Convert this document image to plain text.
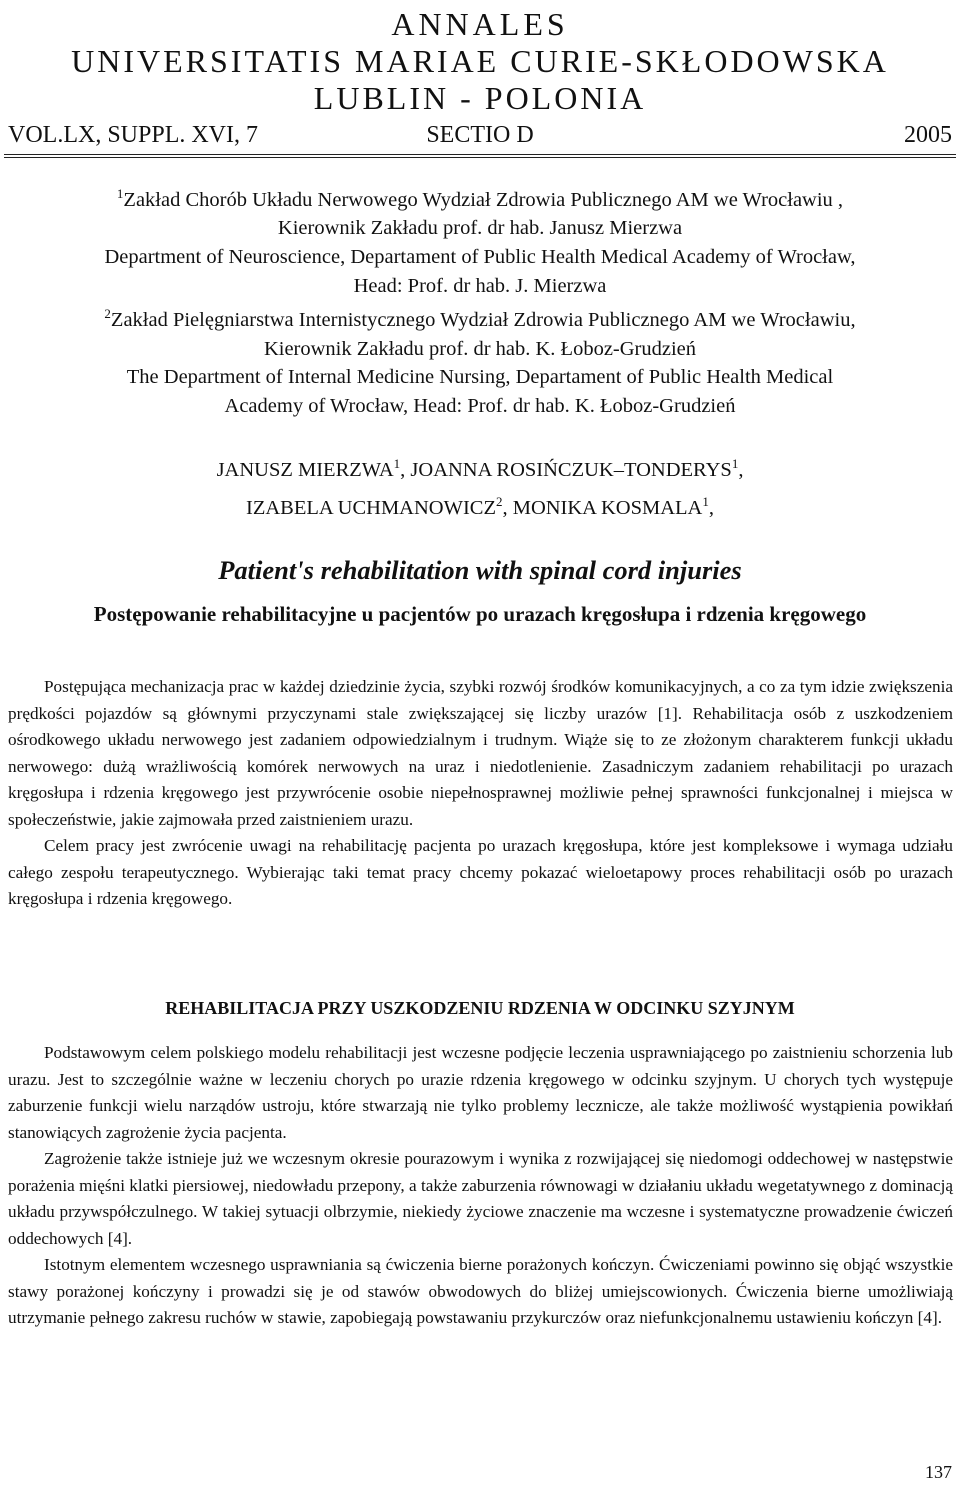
ANNALES
UNIVERSITATIS MARIAE CURIE-SKŁODOWSKA
LUBLIN - POLONIA
SECTIO D
VOL.LX, SUPPL. XVI, 7	2005
$^1$Zakład Chorób Układu Nerwowego Wydział Zdrowia Publicznego AM we Wrocławiu ,
Kierownik Zakładu prof. dr hab. Janusz Mierzwa
Department of Neuroscience, Departament of Public Health Medical Academy of Wrocław,
Head: Prof. dr hab. J. Mierzwa
$^2$Zakład Pielęgniarstwa Internistycznego Wydział Zdrowia Publicznego AM we Wrocławiu,
Kierownik Zakładu prof. dr hab. K. Łoboz-Grudzień
The Department of Internal Medicine Nursing, Departament of Public Health Medical
Academy of Wrocław, Head: Prof. dr hab. K. Łoboz-Grudzień
JANUSZ MIERZWA$^1$, JOANNA ROSIŃCZUK–TONDERYS$^1$,
IZABELA UCHMANOWICZ$^2$, MONIKA KOSMALA$^1$,
Patient's rehabilitation with spinal cord injuries
Postępowanie rehabilitacyjne u pacjentów po urazach kręgosłupa i rdzenia kręgowego

Postępująca mechanizacja prac w każdej dziedzinie życia, szybki rozwój środków komunikacyjnych, a co za tym idzie zwiększenia prędkości pojazdów są głównymi przyczynami stale zwiększającej się liczby urazów [1]. Rehabilitacja osób z uszkodzeniem ośrodkowego układu nerwowego jest zadaniem odpowiedzialnym i trudnym. Wiąże się to ze złożonym charakterem funkcji układu nerwowego: dużą wrażliwością komórek nerwowych na uraz i niedotlenienie. Zasadniczym zadaniem rehabilitacji po urazach kręgosłupa i rdzenia kręgowego jest przywrócenie osobie niepełnosprawnej możliwie pełnej sprawności funkcjonalnej i miejsca w społeczeństwie, jakie zajmowała przed zaistnieniem urazu.

Celem pracy jest zwrócenie uwagi na rehabilitację pacjenta po urazach kręgosłupa, które jest kompleksowe i wymaga udziału całego zespołu terapeutycznego. Wybierając taki temat pracy chcemy pokazać wieloetapowy proces rehabilitacji osób po urazach kręgosłupa i rdzenia kręgowego.

REHABILITACJA PRZY USZKODZENIU RDZENIA W ODCINKU SZYJNYM

Podstawowym celem polskiego modelu rehabilitacji jest wczesne podjęcie leczenia usprawniającego po zaistnieniu schorzenia lub urazu. Jest to szczególnie ważne w leczeniu chorych po urazie rdzenia kręgowego w odcinku szyjnym. U chorych tych występuje zaburzenie funkcji wielu narządów ustroju, które stwarzają nie tylko problemy lecznicze, ale także możliwość wystąpienia powikłań stanowiących zagrożenie życia pacjenta.

Zagrożenie także istnieje już we wczesnym okresie pourazowym i wynika z rozwijającej się niedomogi oddechowej w następstwie porażenia mięśni klatki piersiowej, niedowładu przepony, a także zaburzenia równowagi w działaniu układu wegetatywnego z dominacją układu przywspółczulnego. W takiej sytuacji olbrzymie, niekiedy życiowe znaczenie ma wczesne i systematyczne prowadzenie ćwiczeń oddechowych [4].

Istotnym elementem wczesnego usprawniania są ćwiczenia bierne porażonych kończyn. Ćwiczeniami powinno się objąć wszystkie stawy porażonej kończyny i prowadzi się je od stawów obwodowych do bliżej umiejscowionych. Ćwiczenia bierne umożliwiają utrzymanie pełnego zakresu ruchów w stawie, zapobiegają powstawaniu przykurczów oraz niefunkcjonalnemu ustawieniu kończyn [4].

137
